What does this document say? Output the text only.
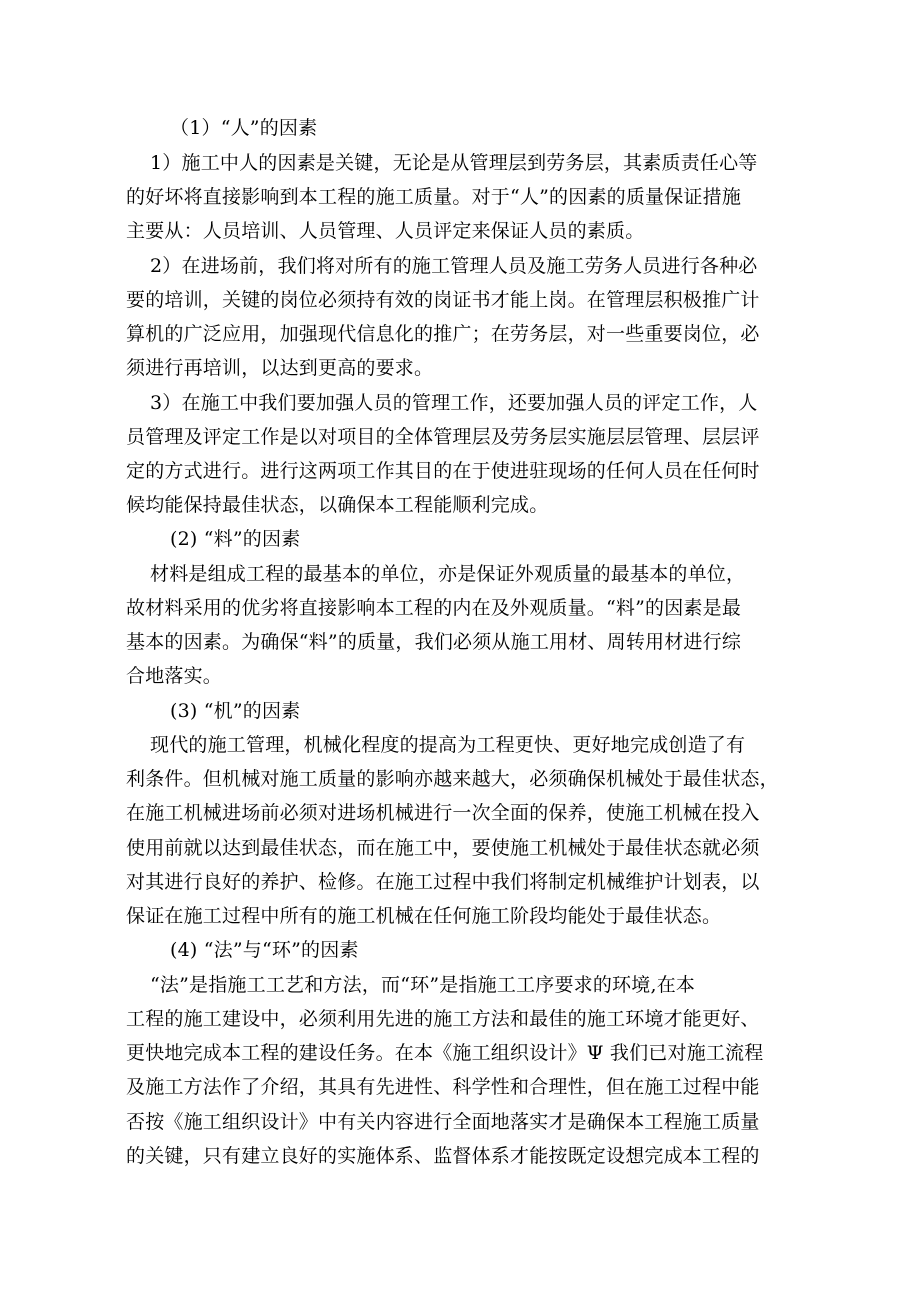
（1）“人”的因素
1）施工中人的因素是关键，无论是从管理层到劳务层，其素质责任心等
的好坏将直接影响到本工程的施工质量。对于“人”的因素的质量保证措施
主要从：人员培训、人员管理、人员评定来保证人员的素质。
2）在进场前，我们将对所有的施工管理人员及施工劳务人员进行各种必
要的培训，关键的岗位必须持有效的岗证书才能上岗。在管理层积极推广计
算机的广泛应用，加强现代信息化的推广；在劳务层，对一些重要岗位，必
须进行再培训，以达到更高的要求。
3）在施工中我们要加强人员的管理工作，还要加强人员的评定工作，人
员管理及评定工作是以对项目的全体管理层及劳务层实施层层管理、层层评
定的方式进行。进行这两项工作其目的在于使进驻现场的任何人员在任何时
候均能保持最佳状态，以确保本工程能顺利完成。
(2) “料”的因素
材料是组成工程的最基本的单位，亦是保证外观质量的最基本的单位，
故材料采用的优劣将直接影响本工程的内在及外观质量。“料”的因素是最
基本的因素。为确保“料”的质量，我们必须从施工用材、周转用材进行综
合地落实。
(3) “机”的因素
现代的施工管理，机械化程度的提高为工程更快、更好地完成创造了有
利条件。但机械对施工质量的影响亦越来越大，必须确保机械处于最佳状态，
在施工机械进场前必须对进场机械进行一次全面的保养，使施工机械在投入
使用前就以达到最佳状态，而在施工中，要使施工机械处于最佳状态就必须
对其进行良好的养护、检修。在施工过程中我们将制定机械维护计划表，以
保证在施工过程中所有的施工机械在任何施工阶段均能处于最佳状态。
(4) “法”与“环”的因素
“法”是指施工工艺和方法，而“环”是指施工工序要求的环境,在本
工程的施工建设中，必须利用先进的施工方法和最佳的施工环境才能更好、
更快地完成本工程的建设任务。在本《施工组织设计》Ψ 我们已对施工流程
及施工方法作了介绍，其具有先进性、科学性和合理性，但在施工过程中能
否按《施工组织设计》中有关内容进行全面地落实才是确保本工程施工质量
的关键，只有建立良好的实施体系、监督体系才能按既定设想完成本工程的
